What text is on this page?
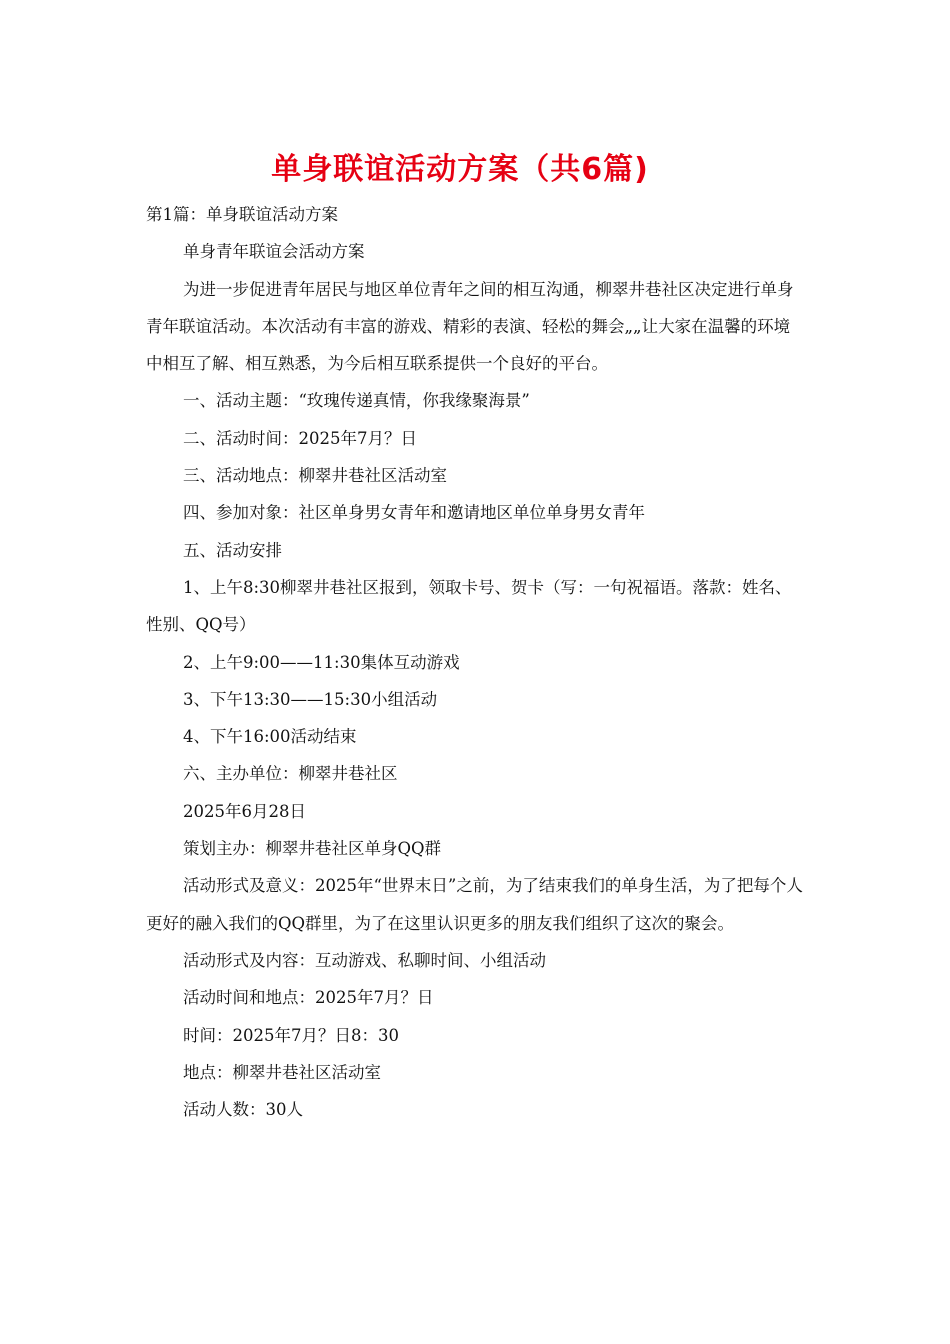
单身联谊活动方案（共6篇)

第1篇：单身联谊活动方案

单身青年联谊会活动方案

为进一步促进青年居民与地区单位青年之间的相互沟通，柳翠井巷社区决定进行单身青年联谊活动。本次活动有丰富的游戏、精彩的表演、轻松的舞会„„让大家在温馨的环境中相互了解、相互熟悉，为今后相互联系提供一个良好的平台。

一、活动主题：“玫瑰传递真情，你我缘聚海景”

二、活动时间：2025年7月？日

三、活动地点：柳翠井巷社区活动室

四、参加对象：社区单身男女青年和邀请地区单位单身男女青年

五、活动安排

1、上午8:30柳翠井巷社区报到，领取卡号、贺卡（写：一句祝福语。落款：姓名、性别、QQ号）

2、上午9:00——11:30集体互动游戏

3、下午13:30——15:30小组活动

4、下午16:00活动结束

六、主办单位：柳翠井巷社区

2025年6月28日

策划主办：柳翠井巷社区单身QQ群

活动形式及意义：2025年“世界末日”之前，为了结束我们的单身生活，为了把每个人更好的融入我们的QQ群里，为了在这里认识更多的朋友我们组织了这次的聚会。

活动形式及内容：互动游戏、私聊时间、小组活动

活动时间和地点：2025年7月？日

时间：2025年7月？日8：30

地点：柳翠井巷社区活动室

活动人数：30人
